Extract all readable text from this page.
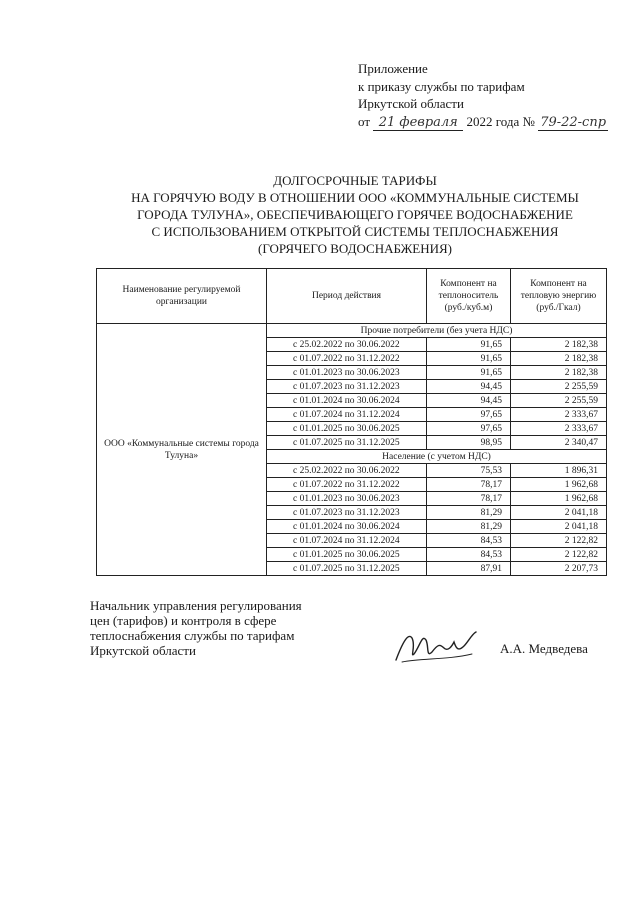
Приложение
к приказу службы по тарифам
Иркутской области
от 21 февраля 2022 года № 79-22-спр
ДОЛГОСРОЧНЫЕ ТАРИФЫ
НА ГОРЯЧУЮ ВОДУ В ОТНОШЕНИИ ООО «КОММУНАЛЬНЫЕ СИСТЕМЫ
ГОРОДА ТУЛУНА», ОБЕСПЕЧИВАЮЩЕГО ГОРЯЧЕЕ ВОДОСНАБЖЕНИЕ
С ИСПОЛЬЗОВАНИЕМ ОТКРЫТОЙ СИСТЕМЫ ТЕПЛОСНАБЖЕНИЯ
(ГОРЯЧЕГО ВОДОСНАБЖЕНИЯ)
Наименование регулируемой организации	Период действия	Компонент на теплоноситель (руб./куб.м)	Компонент на тепловую энергию (руб./Гкал)
ООО «Коммунальные системы города Тулуна»	Прочие потребители (без учета НДС)		
	с 25.02.2022 по 30.06.2022	91,65	2 182,38
	с 01.07.2022 по 31.12.2022	91,65	2 182,38
	с 01.01.2023 по 30.06.2023	91,65	2 182,38
	с 01.07.2023 по 31.12.2023	94,45	2 255,59
	с 01.01.2024 по 30.06.2024	94,45	2 255,59
	с 01.07.2024 по 31.12.2024	97,65	2 333,67
	с 01.01.2025 по 30.06.2025	97,65	2 333,67
	с 01.07.2025 по 31.12.2025	98,95	2 340,47
	Население (с учетом НДС)		
	с 25.02.2022 по 30.06.2022	75,53	1 896,31
	с 01.07.2022 по 31.12.2022	78,17	1 962,68
	с 01.01.2023 по 30.06.2023	78,17	1 962,68
	с 01.07.2023 по 31.12.2023	81,29	2 041,18
	с 01.01.2024 по 30.06.2024	81,29	2 041,18
	с 01.07.2024 по 31.12.2024	84,53	2 122,82
	с 01.01.2025 по 30.06.2025	84,53	2 122,82
	с 01.07.2025 по 31.12.2025	87,91	2 207,73
Начальник управления регулирования
цен (тарифов) и контроля в сфере
теплоснабжения службы по тарифам
Иркутской области	А.А. Медведева
